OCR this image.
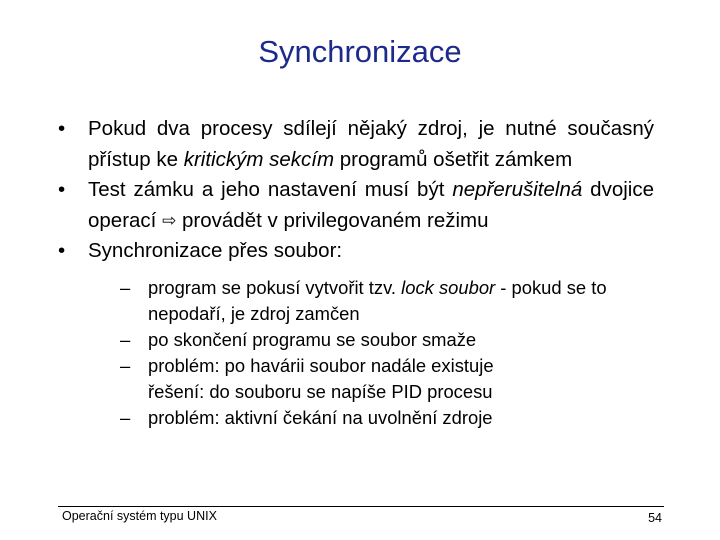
Synchronizace
• Pokud dva procesy sdílejí nějaký zdroj, je nutné současný přístup ke kritickým sekcím programů ošetřit zámkem
• Test zámku a jeho nastavení musí být nepřerušitelná dvojice operací ⇨ provádět v privilegovaném režimu
• Synchronizace přes soubor:
– program se pokusí vytvořit tzv. lock soubor - pokud se to nepodaří, je zdroj zamčen
– po skončení programu se soubor smaže
– problém: po havárii soubor nadále existuje
řešení: do souboru se napíše PID procesu
– problém: aktivní čekání na uvolnění zdroje
Operační systém typu UNIX	54
